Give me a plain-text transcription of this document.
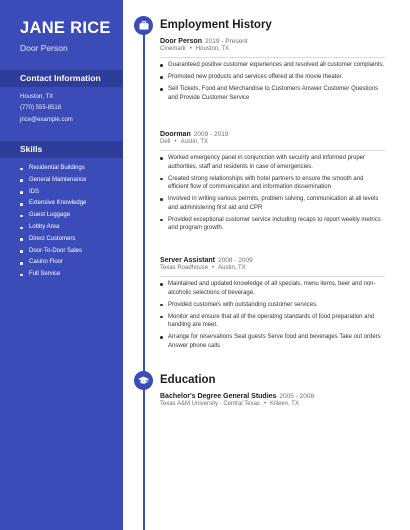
JANE RICE
Door Person
Contact Information
Houston, TX
(770) 555-8518
jrice@example.com
Skills
Residential Buildings
General Maintenance
IDS
Extensive Knowledge
Guest Luggage
Lobby Area
Direct Customers
Door-To-Door Sales
Casino Floor
Full Service
Employment History
Door Person 2019 - Present
Cinemark • Houston, TX
Guaranteed positive customer experiences and resolved all customer complaints.
Promoted new products and services offered at the movie theater.
Sell Tickets, Food and Merchandise to Customers Answer Customer Questions and Provide Customer Service
Doorman 2009 - 2019
Dell • Austin, TX
Worked emergency panel in conjunction with security and informed proper authorities, staff and residents in case of emergencies.
Created strong relationships with hotel partners to ensure the smooth and efficient flow of communication and information dissemination
Involved in writing various permits, problem solving, communication at all levels and administering first aid and CPR
Provided exceptional customer service including recaps to report weekly metrics and program growth.
Server Assistant 2008 - 2009
Texas Roadhouse • Austin, TX
Maintained and updated knowledge of all specials, menu items, beer and non- alcoholic selections of beverage.
Provided customers with outstanding customer services.
Monitor and ensure that all of the operating standards of food preparation and handling are meet.
Arrange for reservations Seat guests Serve food and beverages Take out orders Answer phone calls
Education
Bachelor's Degree General Studies 2005 - 2008
Texas A&M University - Central Texas • Killeen, TX
